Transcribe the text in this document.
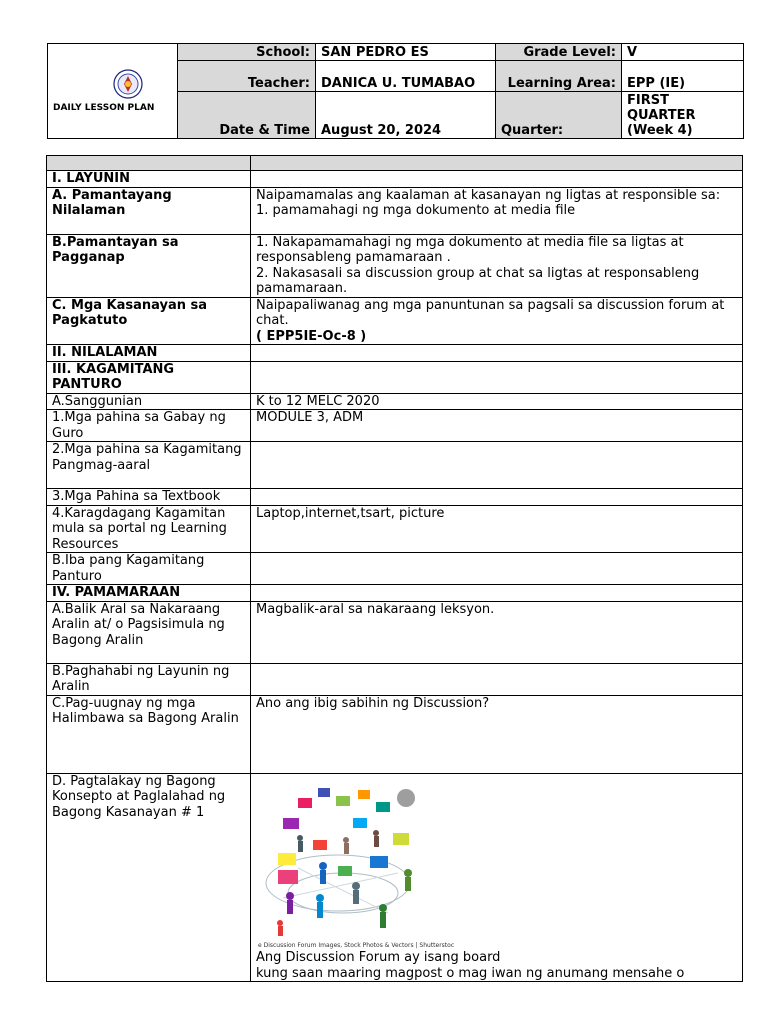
DAILY LESSON PLAN	School:	SAN PEDRO ES	Grade Level:	V
	Teacher:	DANICA U. TUMABAO	Learning Area:	EPP (IE)
	Date & Time	August 20, 2024	Quarter:	FIRST QUARTER (Week 4)

I. LAYUNIN	
A. Pamantayang Nilalaman	Naipamamalas ang kaalaman at kasanayan ng ligtas at responsible sa:
1. pamamahagi ng mga dokumento at media file

B.Pamantayan sa Pagganap	1. Nakapamamahagi ng mga dokumento at media file sa ligtas at responsableng pamamaraan .
2. Nakasasali sa discussion group at chat sa ligtas at responsableng pamamaraan.

C. Mga Kasanayan sa Pagkatuto	Naipapaliwanag ang mga panuntunan sa pagsali sa discussion forum at chat.
( EPP5IE-Oc-8 )

II. NILALAMAN	
III. KAGAMITANG PANTURO	
A.Sanggunian	K to 12 MELC 2020
1.Mga pahina sa Gabay ng Guro	MODULE 3, ADM
2.Mga pahina sa Kagamitang Pangmag-aaral	
3.Mga Pahina sa Textbook	
4.Karagdagang Kagamitan mula sa portal ng Learning Resources	Laptop,internet,tsart, picture
B.Iba pang Kagamitang Panturo	
IV. PAMAMARAAN	
A.Balik Aral sa Nakaraang Aralin at/ o Pagsisimula ng Bagong Aralin	Magbalik-aral sa nakaraang leksyon.
B.Paghahabi ng Layunin ng Aralin	
C.Pag-uugnay ng mga Halimbawa sa Bagong Aralin	Ano ang ibig sabihin ng Discussion?
D. Pagtalakay ng Bagong Konsepto at Paglalahad ng Bagong Kasanayan # 1	e Discussion Forum Images, Stock Photos & Vectors | Shutterstoc
Ang Discussion Forum ay isang board
kung saan maaring magpost o mag iwan ng anumang mensahe o
